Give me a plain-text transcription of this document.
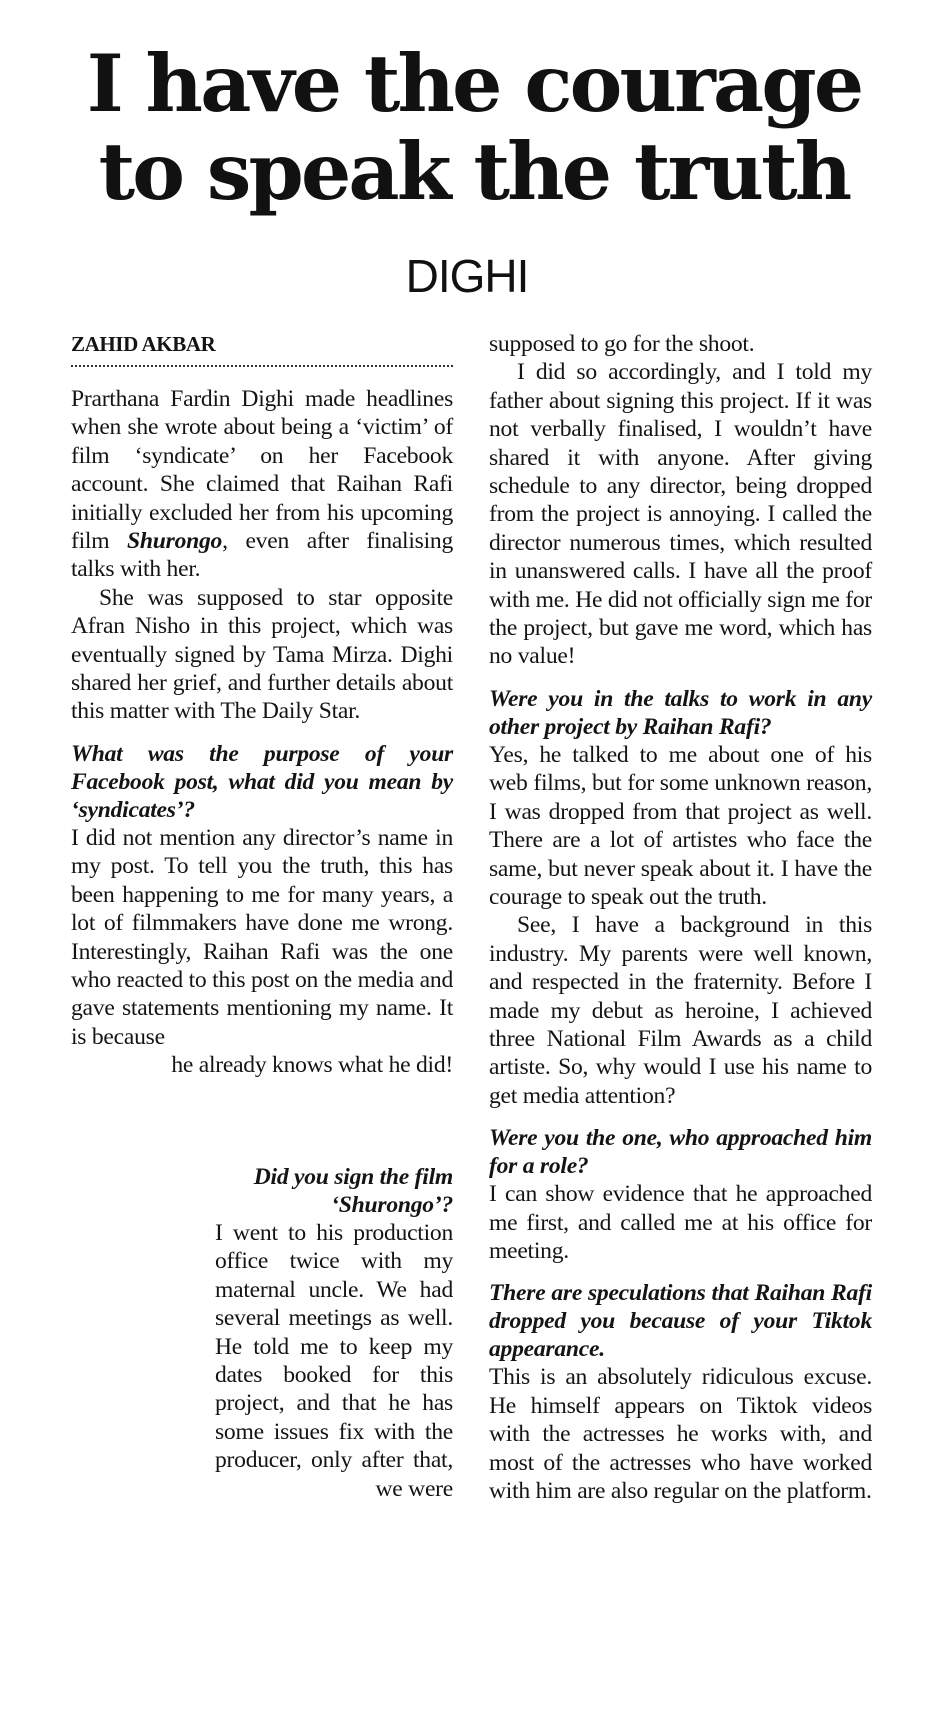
I have the courage to speak the truth
DIGHI
ZAHID AKBAR

Prarthana Fardin Dighi made headlines when she wrote about being a ‘victim’ of film ‘syndicate’ on her Facebook account. She claimed that Raihan Rafi initially excluded her from his upcoming film Shurongo, even after finalising talks with her.

She was supposed to star opposite Afran Nisho in this project, which was eventually signed by Tama Mirza. Dighi shared her grief, and further details about this matter with The Daily Star.

What was the purpose of your Facebook post, what did you mean by ‘syndicates’?

I did not mention any director’s name in my post. To tell you the truth, this has been happening to me for many years, a lot of filmmakers have done me wrong. Interestingly, Raihan Rafi was the one who reacted to this post on the media and gave statements mentioning my name. It is because

he already knows what he did!

Did you sign the film ‘Shurongo’?

I went to his production office twice with my maternal uncle. We had several meetings as well. He told me to keep my dates booked for this project, and that he has some issues fix with the producer, only after that, we were

supposed to go for the shoot.

I did so accordingly, and I told my father about signing this project. If it was not verbally finalised, I wouldn’t have shared it with anyone. After giving schedule to any director, being dropped from the project is annoying. I called the director numerous times, which resulted in unanswered calls. I have all the proof with me. He did not officially sign me for the project, but gave me word, which has no value!

Were you in the talks to work in any other project by Raihan Rafi?

Yes, he talked to me about one of his web films, but for some unknown reason, I was dropped from that project as well. There are a lot of artistes who face the same, but never speak about it. I have the courage to speak out the truth.

See, I have a background in this industry. My parents were well known, and respected in the fraternity. Before I made my debut as heroine, I achieved three National Film Awards as a child artiste. So, why would I use his name to get media attention?

Were you the one, who approached him for a role?

I can show evidence that he approached me first, and called me at his office for meeting.

There are speculations that Raihan Rafi dropped you because of your Tiktok appearance.

This is an absolutely ridiculous excuse. He himself appears on Tiktok videos with the actresses he works with, and most of the actresses who have worked with him are also regular on the platform.
